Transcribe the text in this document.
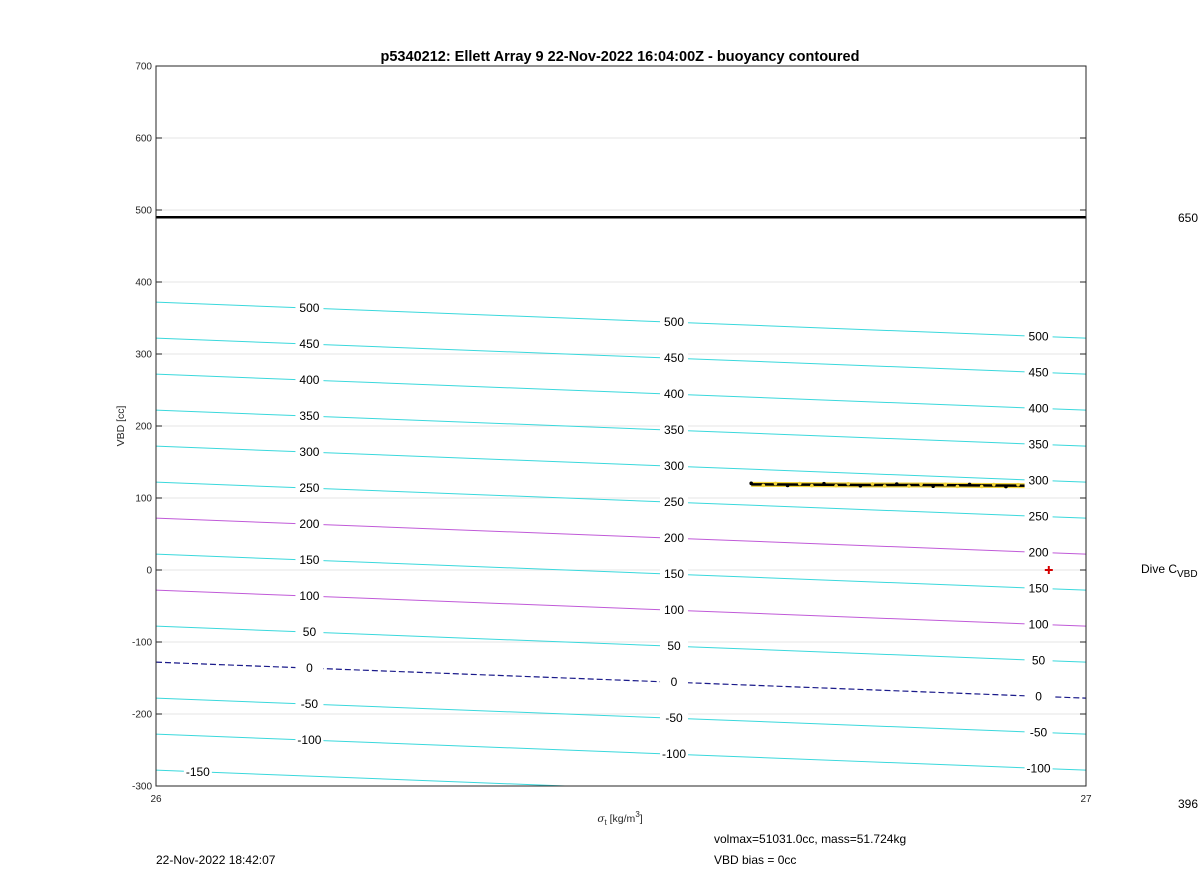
p5340212: Ellett Array 9 22-Nov-2022 16:04:00Z - buoyancy contoured
700
600
500
400
300
200
100
0
-100
-200
-300
26	27
-150
-100
-100
-100
-50
-50
-50
0
0
0
50
50
50
100
100
100
150
150
150
200
200
200
250
250
250
300
300
300
350
350
350
400
400
400
450
450
450
500
500
500
VBD [cc]
$\sigma_t$ $[kg/m^3]$
650
396
Dive $C_{VBD}$
volmax=51031.0cc, mass=51.724kg
VBD bias = 0cc
22-Nov-2022 18:42:07
